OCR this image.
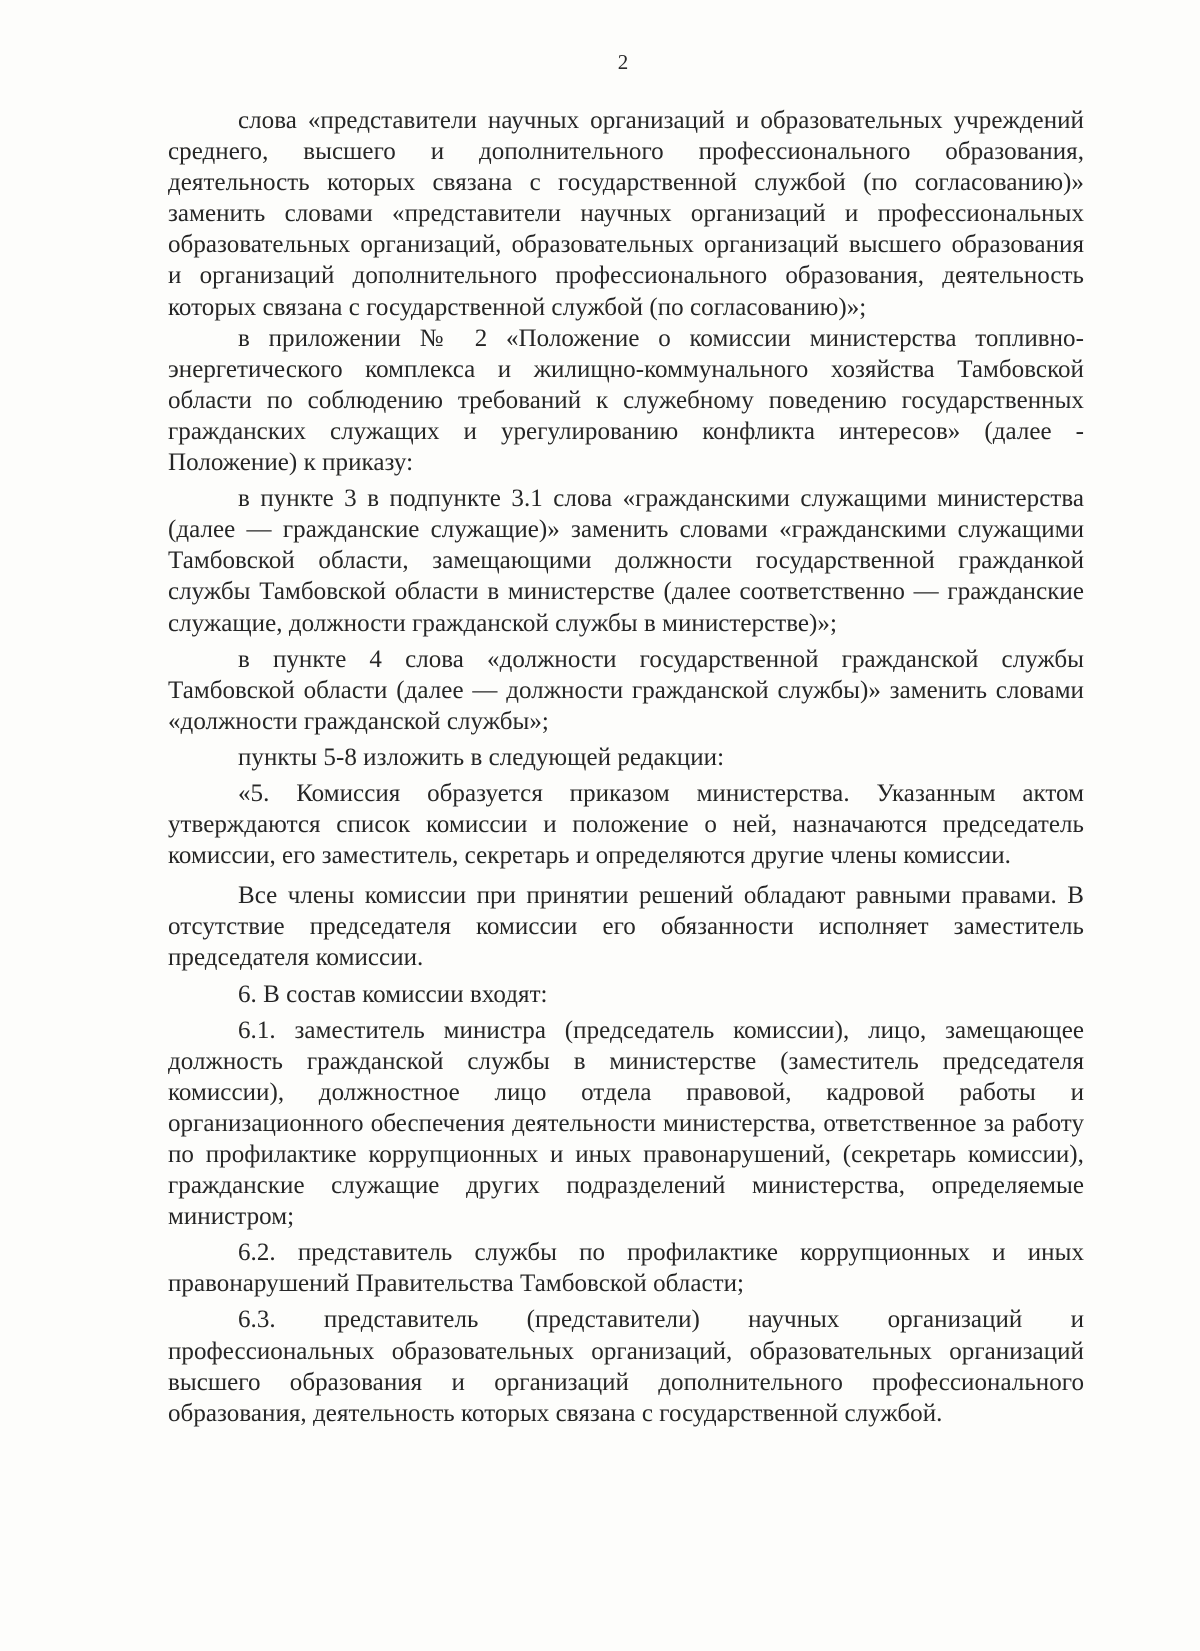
2

слова «представители научных организаций и образовательных учреждений среднего, высшего и дополнительного профессионального образования, деятельность которых связана с государственной службой (по согласованию)» заменить словами «представители научных организаций и профессиональных образовательных организаций, образовательных организаций высшего образования и организаций дополнительного профессионального образования, деятельность которых связана с государственной службой (по согласованию)»;

в приложении № 2 «Положение о комиссии министерства топливно-энергетического комплекса и жилищно-коммунального хозяйства Тамбовской области по соблюдению требований к служебному поведению государственных гражданских служащих и урегулированию конфликта интересов» (далее - Положение) к приказу:

в пункте 3 в подпункте 3.1 слова «гражданскими служащими министерства (далее — гражданские служащие)» заменить словами «гражданскими служащими Тамбовской области, замещающими должности государственной гражданкой службы Тамбовской области в министерстве (далее соответственно — гражданские служащие, должности гражданской службы в министерстве)»;

в пункте 4 слова «должности государственной гражданской службы Тамбовской области (далее — должности гражданской службы)» заменить словами «должности гражданской службы»;

пункты 5-8 изложить в следующей редакции:

«5. Комиссия образуется приказом министерства. Указанным актом утверждаются список комиссии и положение о ней, назначаются председатель комиссии, его заместитель, секретарь и определяются другие члены комиссии.

Все члены комиссии при принятии решений обладают равными правами. В отсутствие председателя комиссии его обязанности исполняет заместитель председателя комиссии.

6. В состав комиссии входят:

6.1. заместитель министра (председатель комиссии), лицо, замещающее должность гражданской службы в министерстве (заместитель председателя комиссии), должностное лицо отдела правовой, кадровой работы и организационного обеспечения деятельности министерства, ответственное за работу по профилактике коррупционных и иных правонарушений, (секретарь комиссии), гражданские служащие других подразделений министерства, определяемые министром;

6.2. представитель службы по профилактике коррупционных и иных правонарушений Правительства Тамбовской области;

6.3. представитель (представители) научных организаций и профессиональных образовательных организаций, образовательных организаций высшего образования и организаций дополнительного профессионального образования, деятельность которых связана с государственной службой.
